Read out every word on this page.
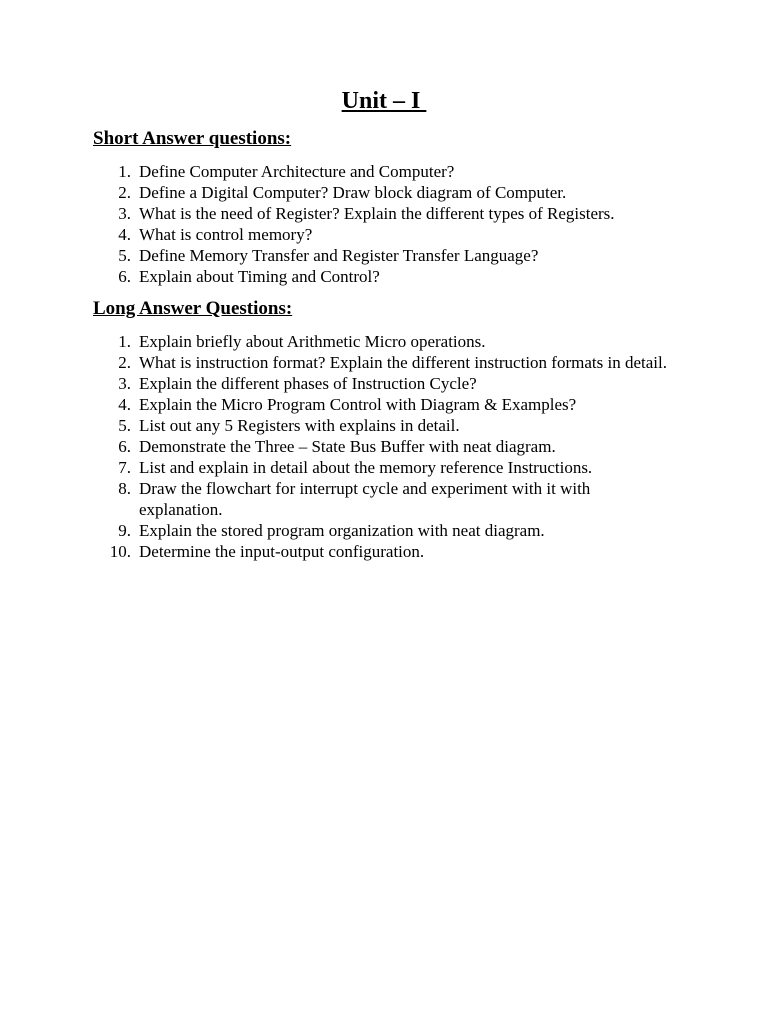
Unit – I
Short Answer questions:
1. Define Computer Architecture and Computer?
2. Define a Digital Computer? Draw block diagram of Computer.
3. What is the need of Register? Explain the different types of Registers.
4. What is control memory?
5. Define Memory Transfer and Register Transfer Language?
6. Explain about Timing and Control?
Long Answer Questions:
1. Explain briefly about Arithmetic Micro operations.
2. What is instruction format? Explain the different instruction formats in detail.
3. Explain the different phases of Instruction Cycle?
4. Explain the Micro Program Control with Diagram & Examples?
5. List out any 5 Registers with explains in detail.
6. Demonstrate the Three – State Bus Buffer with neat diagram.
7. List and explain in detail about the memory reference Instructions.
8. Draw the flowchart for interrupt cycle and experiment with it with explanation.
9. Explain the stored program organization with neat diagram.
10. Determine the input-output configuration.
